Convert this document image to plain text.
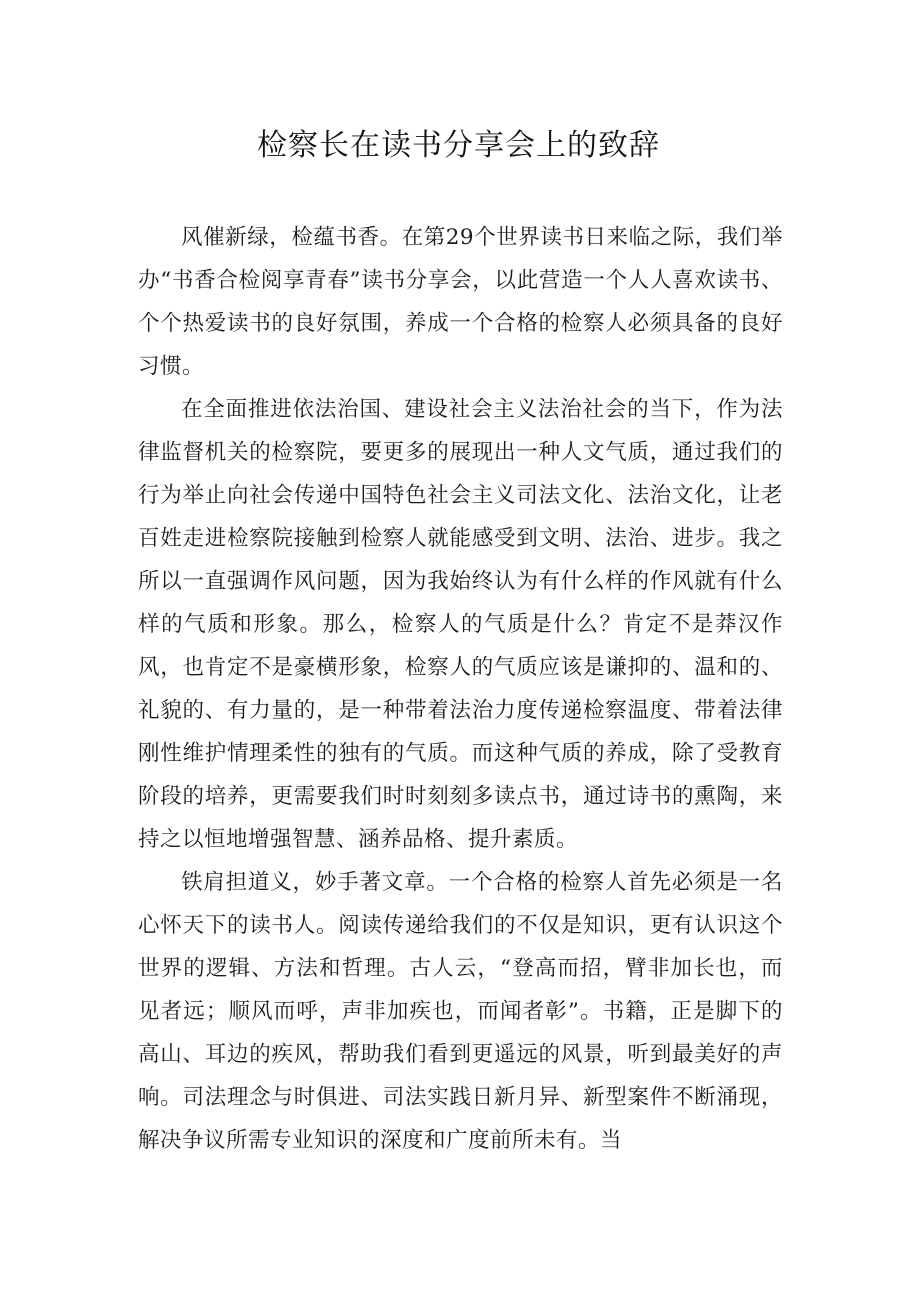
检察长在读书分享会上的致辞

风催新绿，检蕴书香。在第29个世界读书日来临之际，我们举办“书香合检阅享青春”读书分享会，以此营造一个人人喜欢读书、个个热爱读书的良好氛围，养成一个合格的检察人必须具备的良好习惯。

在全面推进依法治国、建设社会主义法治社会的当下，作为法律监督机关的检察院，要更多的展现出一种人文气质，通过我们的行为举止向社会传递中国特色社会主义司法文化、法治文化，让老百姓走进检察院接触到检察人就能感受到文明、法治、进步。我之所以一直强调作风问题，因为我始终认为有什么样的作风就有什么样的气质和形象。那么，检察人的气质是什么？肯定不是莽汉作风，也肯定不是豪横形象，检察人的气质应该是谦抑的、温和的、礼貌的、有力量的，是一种带着法治力度传递检察温度、带着法律刚性维护情理柔性的独有的气质。而这种气质的养成，除了受教育阶段的培养，更需要我们时时刻刻多读点书，通过诗书的熏陶，来持之以恒地增强智慧、涵养品格、提升素质。

铁肩担道义，妙手著文章。一个合格的检察人首先必须是一名心怀天下的读书人。阅读传递给我们的不仅是知识，更有认识这个世界的逻辑、方法和哲理。古人云，“登高而招，臂非加长也，而见者远；顺风而呼，声非加疾也，而闻者彰”。书籍，正是脚下的高山、耳边的疾风，帮助我们看到更遥远的风景，听到最美好的声响。司法理念与时俱进、司法实践日新月异、新型案件不断涌现，解决争议所需专业知识的深度和广度前所未有。当
